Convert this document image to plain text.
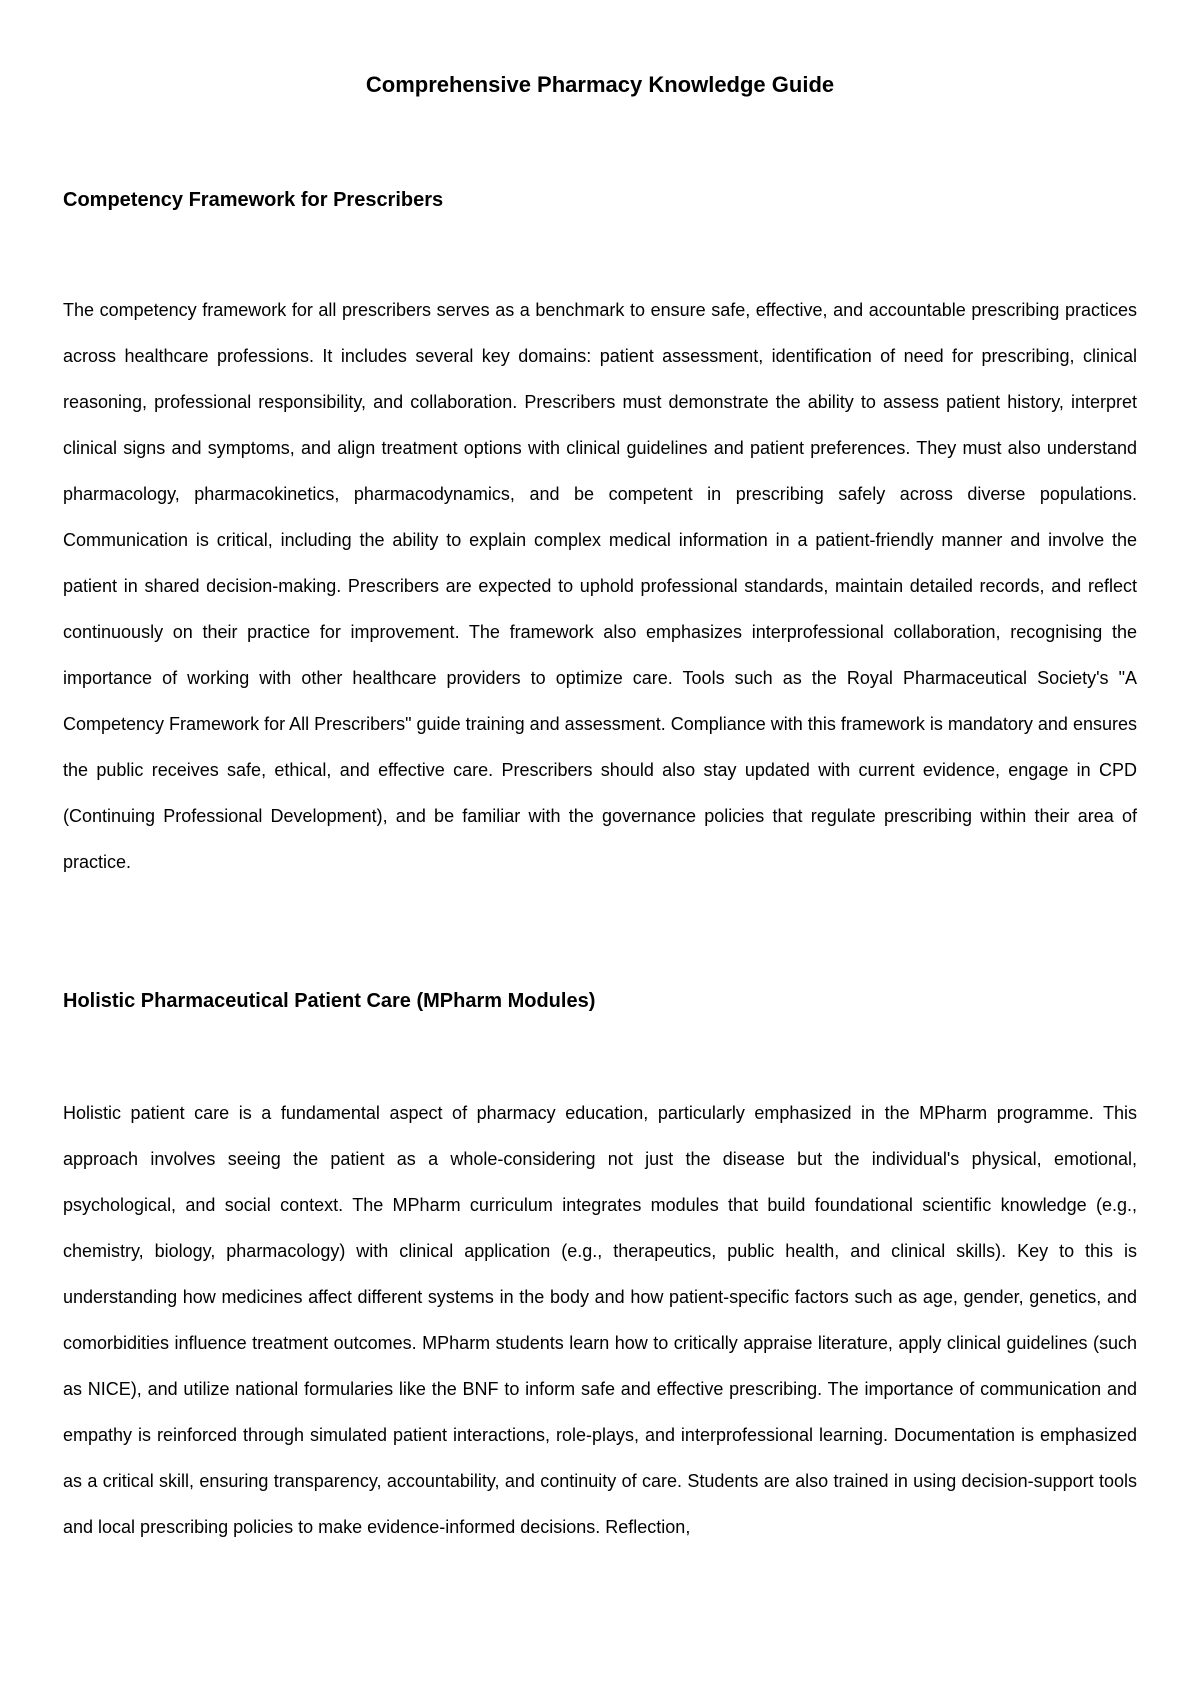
Comprehensive Pharmacy Knowledge Guide
Competency Framework for Prescribers

The competency framework for all prescribers serves as a benchmark to ensure safe, effective, and accountable prescribing practices across healthcare professions. It includes several key domains: patient assessment, identification of need for prescribing, clinical reasoning, professional responsibility, and collaboration. Prescribers must demonstrate the ability to assess patient history, interpret clinical signs and symptoms, and align treatment options with clinical guidelines and patient preferences. They must also understand pharmacology, pharmacokinetics, pharmacodynamics, and be competent in prescribing safely across diverse populations. Communication is critical, including the ability to explain complex medical information in a patient-friendly manner and involve the patient in shared decision-making. Prescribers are expected to uphold professional standards, maintain detailed records, and reflect continuously on their practice for improvement. The framework also emphasizes interprofessional collaboration, recognising the importance of working with other healthcare providers to optimize care. Tools such as the Royal Pharmaceutical Society's "A Competency Framework for All Prescribers" guide training and assessment. Compliance with this framework is mandatory and ensures the public receives safe, ethical, and effective care. Prescribers should also stay updated with current evidence, engage in CPD (Continuing Professional Development), and be familiar with the governance policies that regulate prescribing within their area of practice.

Holistic Pharmaceutical Patient Care (MPharm Modules)

Holistic patient care is a fundamental aspect of pharmacy education, particularly emphasized in the MPharm programme. This approach involves seeing the patient as a whole-considering not just the disease but the individual's physical, emotional, psychological, and social context. The MPharm curriculum integrates modules that build foundational scientific knowledge (e.g., chemistry, biology, pharmacology) with clinical application (e.g., therapeutics, public health, and clinical skills). Key to this is understanding how medicines affect different systems in the body and how patient-specific factors such as age, gender, genetics, and comorbidities influence treatment outcomes. MPharm students learn how to critically appraise literature, apply clinical guidelines (such as NICE), and utilize national formularies like the BNF to inform safe and effective prescribing. The importance of communication and empathy is reinforced through simulated patient interactions, role-plays, and interprofessional learning. Documentation is emphasized as a critical skill, ensuring transparency, accountability, and continuity of care. Students are also trained in using decision-support tools and local prescribing policies to make evidence-informed decisions. Reflection,
